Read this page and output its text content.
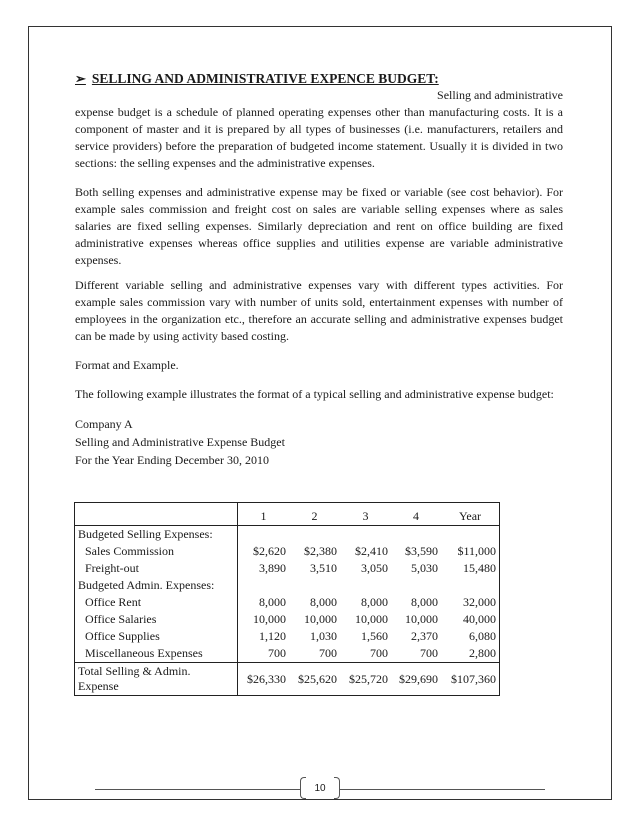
➢ SELLING AND ADMINISTRATIVE EXPENCE BUDGET:
Selling and administrative

expense budget is a schedule of planned operating expenses other than manufacturing costs. It is a component of master and it is prepared by all types of businesses (i.e. manufacturers, retailers and service providers) before the preparation of budgeted income statement. Usually it is divided in two sections: the selling expenses and the administrative expenses.

Both selling expenses and administrative expense may be fixed or variable (see cost behavior). For example sales commission and freight cost on sales are variable selling expenses where as sales salaries are fixed selling expenses. Similarly depreciation and rent on office building are fixed administrative expenses whereas office supplies and utilities expense are variable administrative expenses.

Different variable selling and administrative expenses vary with different types activities. For example sales commission vary with number of units sold, entertainment expenses with number of employees in the organization etc., therefore an accurate selling and administrative expenses budget can be made by using activity based costing.

Format and Example.

The following example illustrates the format of a typical selling and administrative expense budget:

Company A
Selling and Administrative Expense Budget
For the Year Ending December 30, 2010
	1	2	3	4	Year
Budgeted Selling Expenses:					
Sales Commission	$2,620	$2,380	$2,410	$3,590	$11,000
Freight-out	3,890	3,510	3,050	5,030	15,480
Budgeted Admin. Expenses:					
Office Rent	8,000	8,000	8,000	8,000	32,000
Office Salaries	10,000	10,000	10,000	10,000	40,000
Office Supplies	1,120	1,030	1,560	2,370	6,080
Miscellaneous Expenses	700	700	700	700	2,800

Total Selling & Admin.
Expense	$26,330	$25,620	$25,720	$29,690	$107,360
10
